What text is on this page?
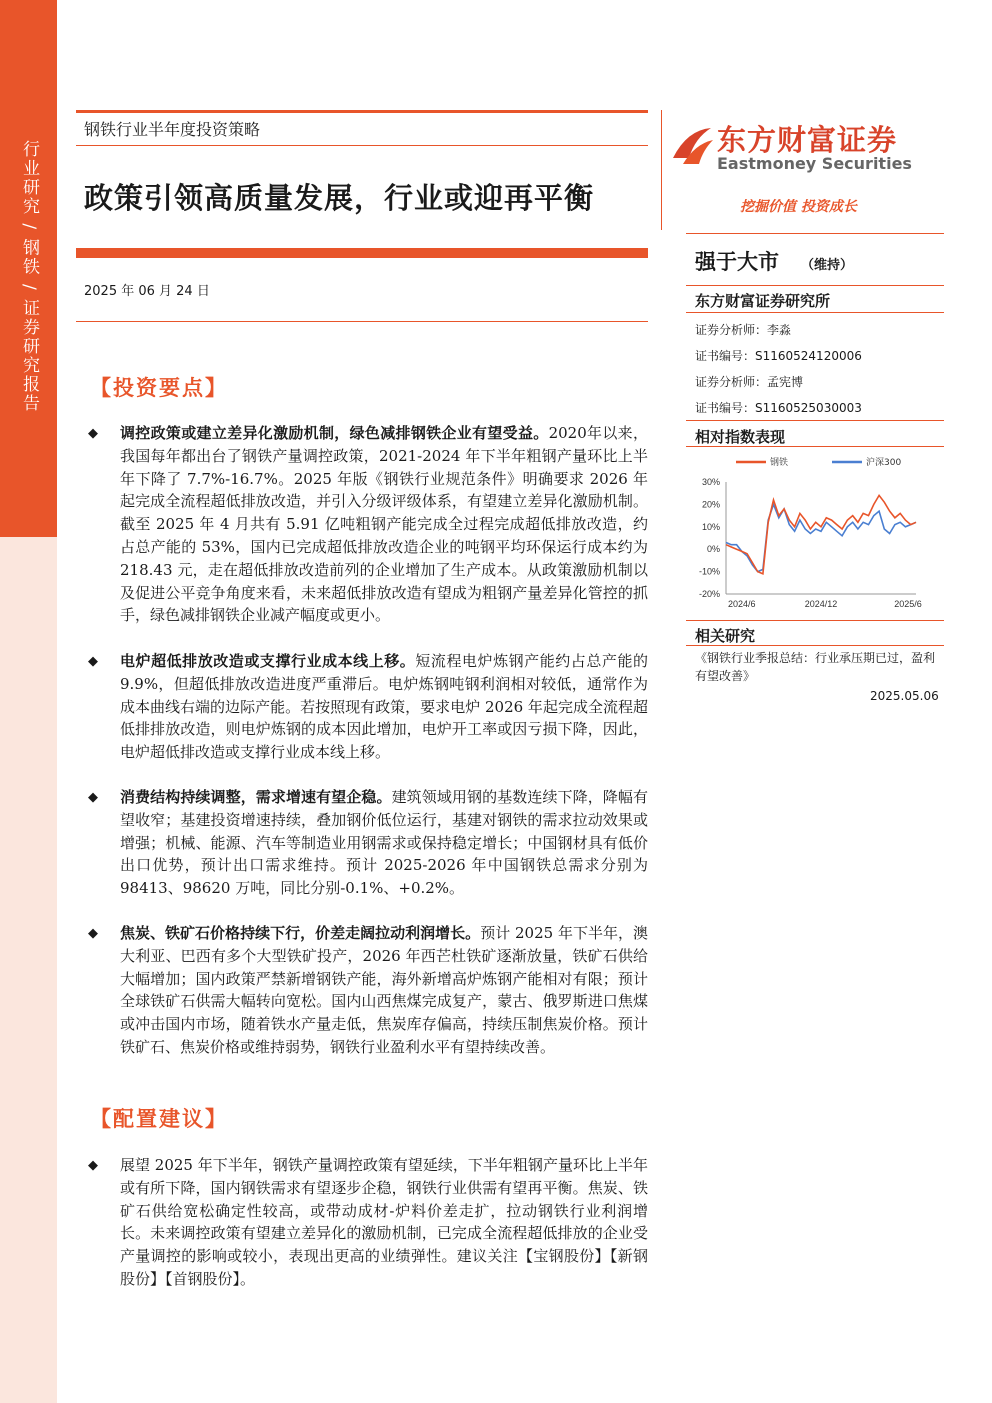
行业研究 / 钢铁 / 证券研究报告
钢铁行业半年度投资策略
政策引领高质量发展，行业或迎再平衡
2025 年 06 月 24 日
【投资要点】
◆ 调控政策或建立差异化激励机制，绿色减排钢铁企业有望受益。2020年以来，我国每年都出台了钢铁产量调控政策，2021-2024 年下半年粗钢产量环比上半年下降了 7.7%-16.7%。2025 年版《钢铁行业规范条件》明确要求 2026 年起完成全流程超低排放改造，并引入分级评级体系，有望建立差异化激励机制。截至 2025 年 4 月共有 5.91 亿吨粗钢产能完成全过程完成超低排放改造，约占总产能的 53%，国内已完成超低排放改造企业的吨钢平均环保运行成本约为 218.43 元，走在超低排放改造前列的企业增加了生产成本。从政策激励机制以及促进公平竞争角度来看，未来超低排放改造有望成为粗钢产量差异化管控的抓手，绿色减排钢铁企业减产幅度或更小。
◆ 电炉超低排放改造或支撑行业成本线上移。短流程电炉炼钢产能约占总产能的 9.9%，但超低排放改造进度严重滞后。电炉炼钢吨钢利润相对较低，通常作为成本曲线右端的边际产能。若按照现有政策，要求电炉 2026 年起完成全流程超低排排放改造，则电炉炼钢的成本因此增加，电炉开工率或因亏损下降，因此，电炉超低排改造或支撑行业成本线上移。
◆ 消费结构持续调整，需求增速有望企稳。建筑领域用钢的基数连续下降，降幅有望收窄；基建投资增速持续，叠加钢价低位运行，基建对钢铁的需求拉动效果或增强；机械、能源、汽车等制造业用钢需求或保持稳定增长；中国钢材具有低价出口优势，预计出口需求维持。预计 2025-2026 年中国钢铁总需求分别为 98413、98620 万吨，同比分别-0.1%、+0.2%。
◆ 焦炭、铁矿石价格持续下行，价差走阔拉动利润增长。预计 2025 年下半年，澳大利亚、巴西有多个大型铁矿投产，2026 年西芒杜铁矿逐渐放量，铁矿石供给大幅增加；国内政策严禁新增钢铁产能，海外新增高炉炼钢产能相对有限；预计全球铁矿石供需大幅转向宽松。国内山西焦煤完成复产，蒙古、俄罗斯进口焦煤或冲击国内市场，随着铁水产量走低，焦炭库存偏高，持续压制焦炭价格。预计铁矿石、焦炭价格或维持弱势，钢铁行业盈利水平有望持续改善。
【配置建议】
◆ 展望 2025 年下半年，钢铁产量调控政策有望延续，下半年粗钢产量环比上半年或有所下降，国内钢铁需求有望逐步企稳，钢铁行业供需有望再平衡。焦炭、铁矿石供给宽松确定性较高，或带动成材-炉料价差走扩，拉动钢铁行业利润增长。未来调控政策有望建立差异化的激励机制，已完成全流程超低排放的企业受产量调控的影响或较小，表现出更高的业绩弹性。建议关注【宝钢股份】【新钢股份】【首钢股份】。
东方财富证券
Eastmoney Securities
挖掘价值 投资成长
强于大市 （维持）
东方财富证券研究所
证券分析师：李淼
证书编号：S1160524120006
证券分析师：孟宪博
证书编号：S1160525030003
相对指数表现
30%
20%
10%
0%
-10%
-20%
2024/6	2024/12	2025/6
钢铁	沪深300
相关研究
《钢铁行业季报总结：行业承压期已过，盈利有望改善》
2025.05.06
